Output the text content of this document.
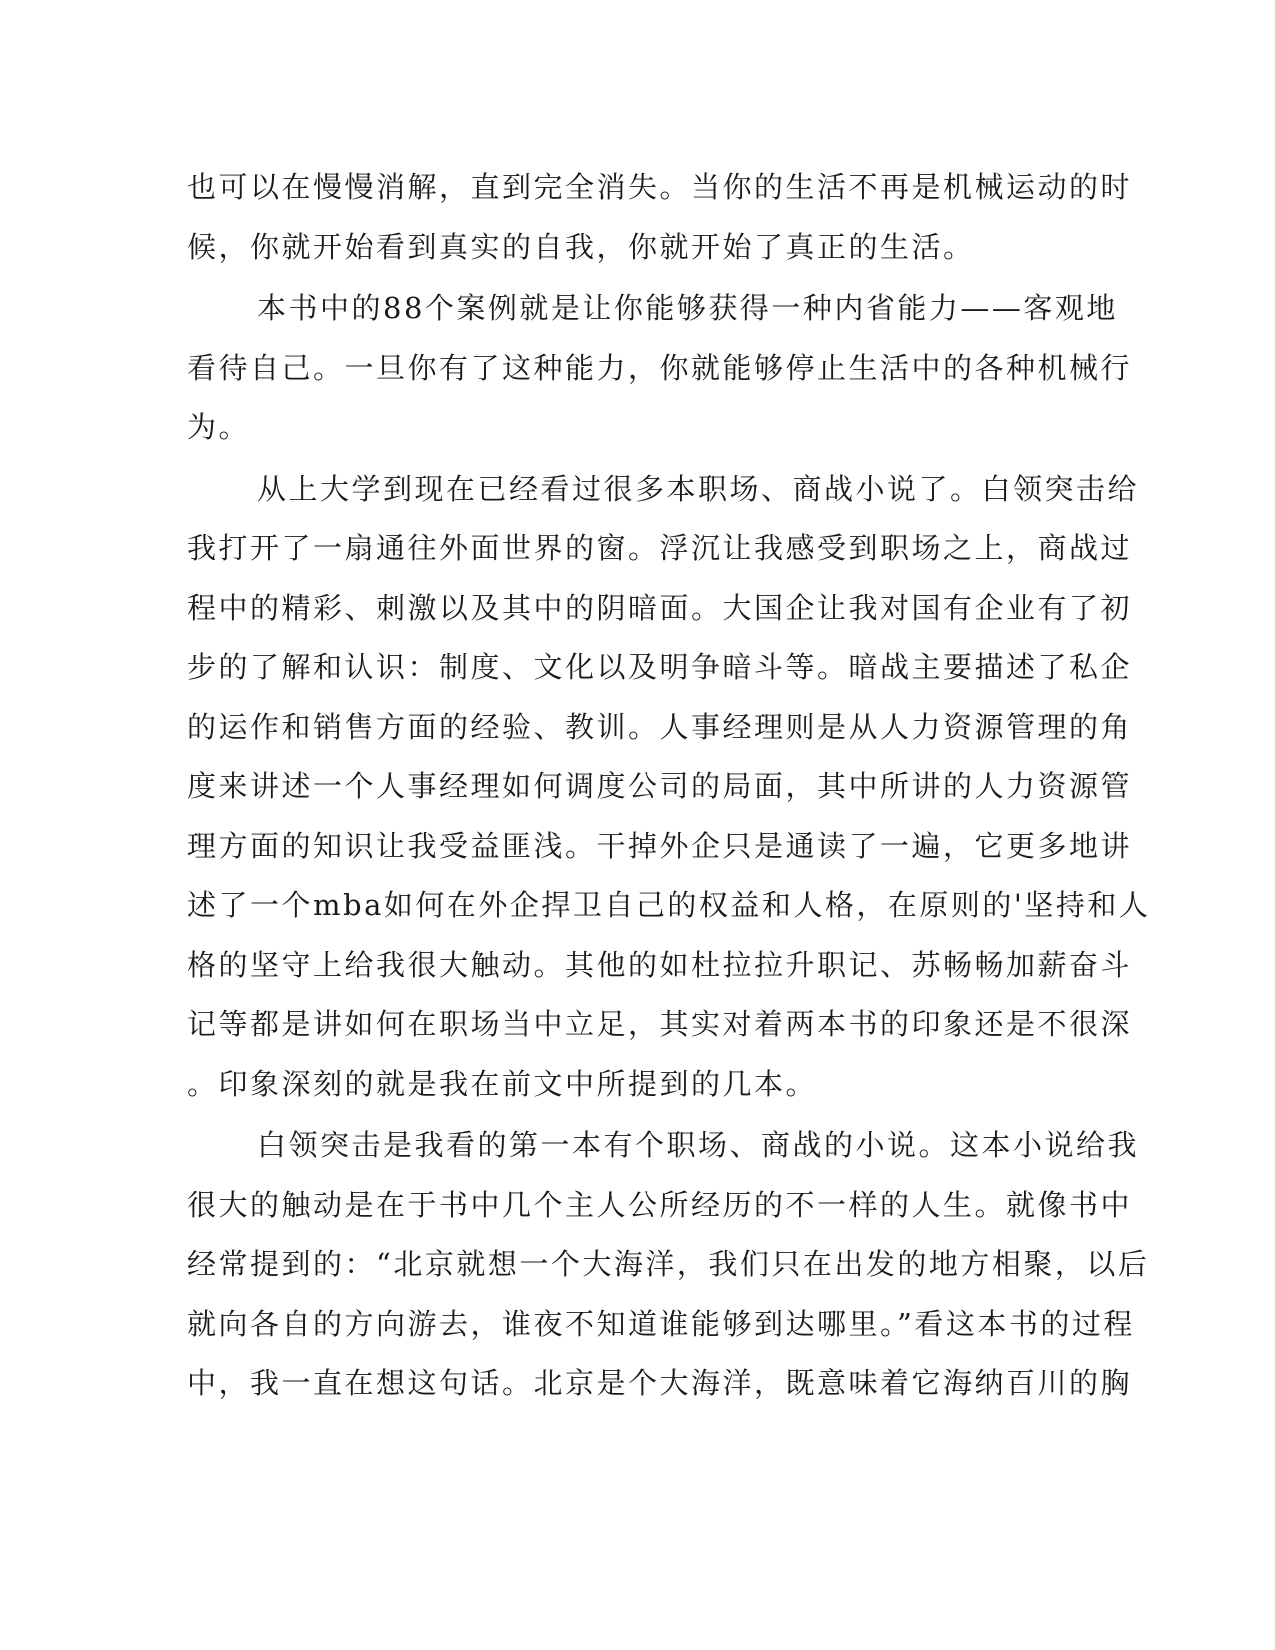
也可以在慢慢消解，直到完全消失。当你的生活不再是机械运动的时
候，你就开始看到真实的自我，你就开始了真正的生活。
本书中的88个案例就是让你能够获得一种内省能力——客观地
看待自己。一旦你有了这种能力，你就能够停止生活中的各种机械行
为。
从上大学到现在已经看过很多本职场、商战小说了。白领突击给
我打开了一扇通往外面世界的窗。浮沉让我感受到职场之上，商战过
程中的精彩、刺激以及其中的阴暗面。大国企让我对国有企业有了初
步的了解和认识：制度、文化以及明争暗斗等。暗战主要描述了私企
的运作和销售方面的经验、教训。人事经理则是从人力资源管理的角
度来讲述一个人事经理如何调度公司的局面，其中所讲的人力资源管
理方面的知识让我受益匪浅。干掉外企只是通读了一遍，它更多地讲
述了一个mba如何在外企捍卫自己的权益和人格，在原则的'坚持和人
格的坚守上给我很大触动。其他的如杜拉拉升职记、苏畅畅加薪奋斗
记等都是讲如何在职场当中立足，其实对着两本书的印象还是不很深
。印象深刻的就是我在前文中所提到的几本。
白领突击是我看的第一本有个职场、商战的小说。这本小说给我
很大的触动是在于书中几个主人公所经历的不一样的人生。就像书中
经常提到的：“北京就想一个大海洋，我们只在出发的地方相聚，以后
就向各自的方向游去，谁夜不知道谁能够到达哪里。”看这本书的过程
中，我一直在想这句话。北京是个大海洋，既意味着它海纳百川的胸
